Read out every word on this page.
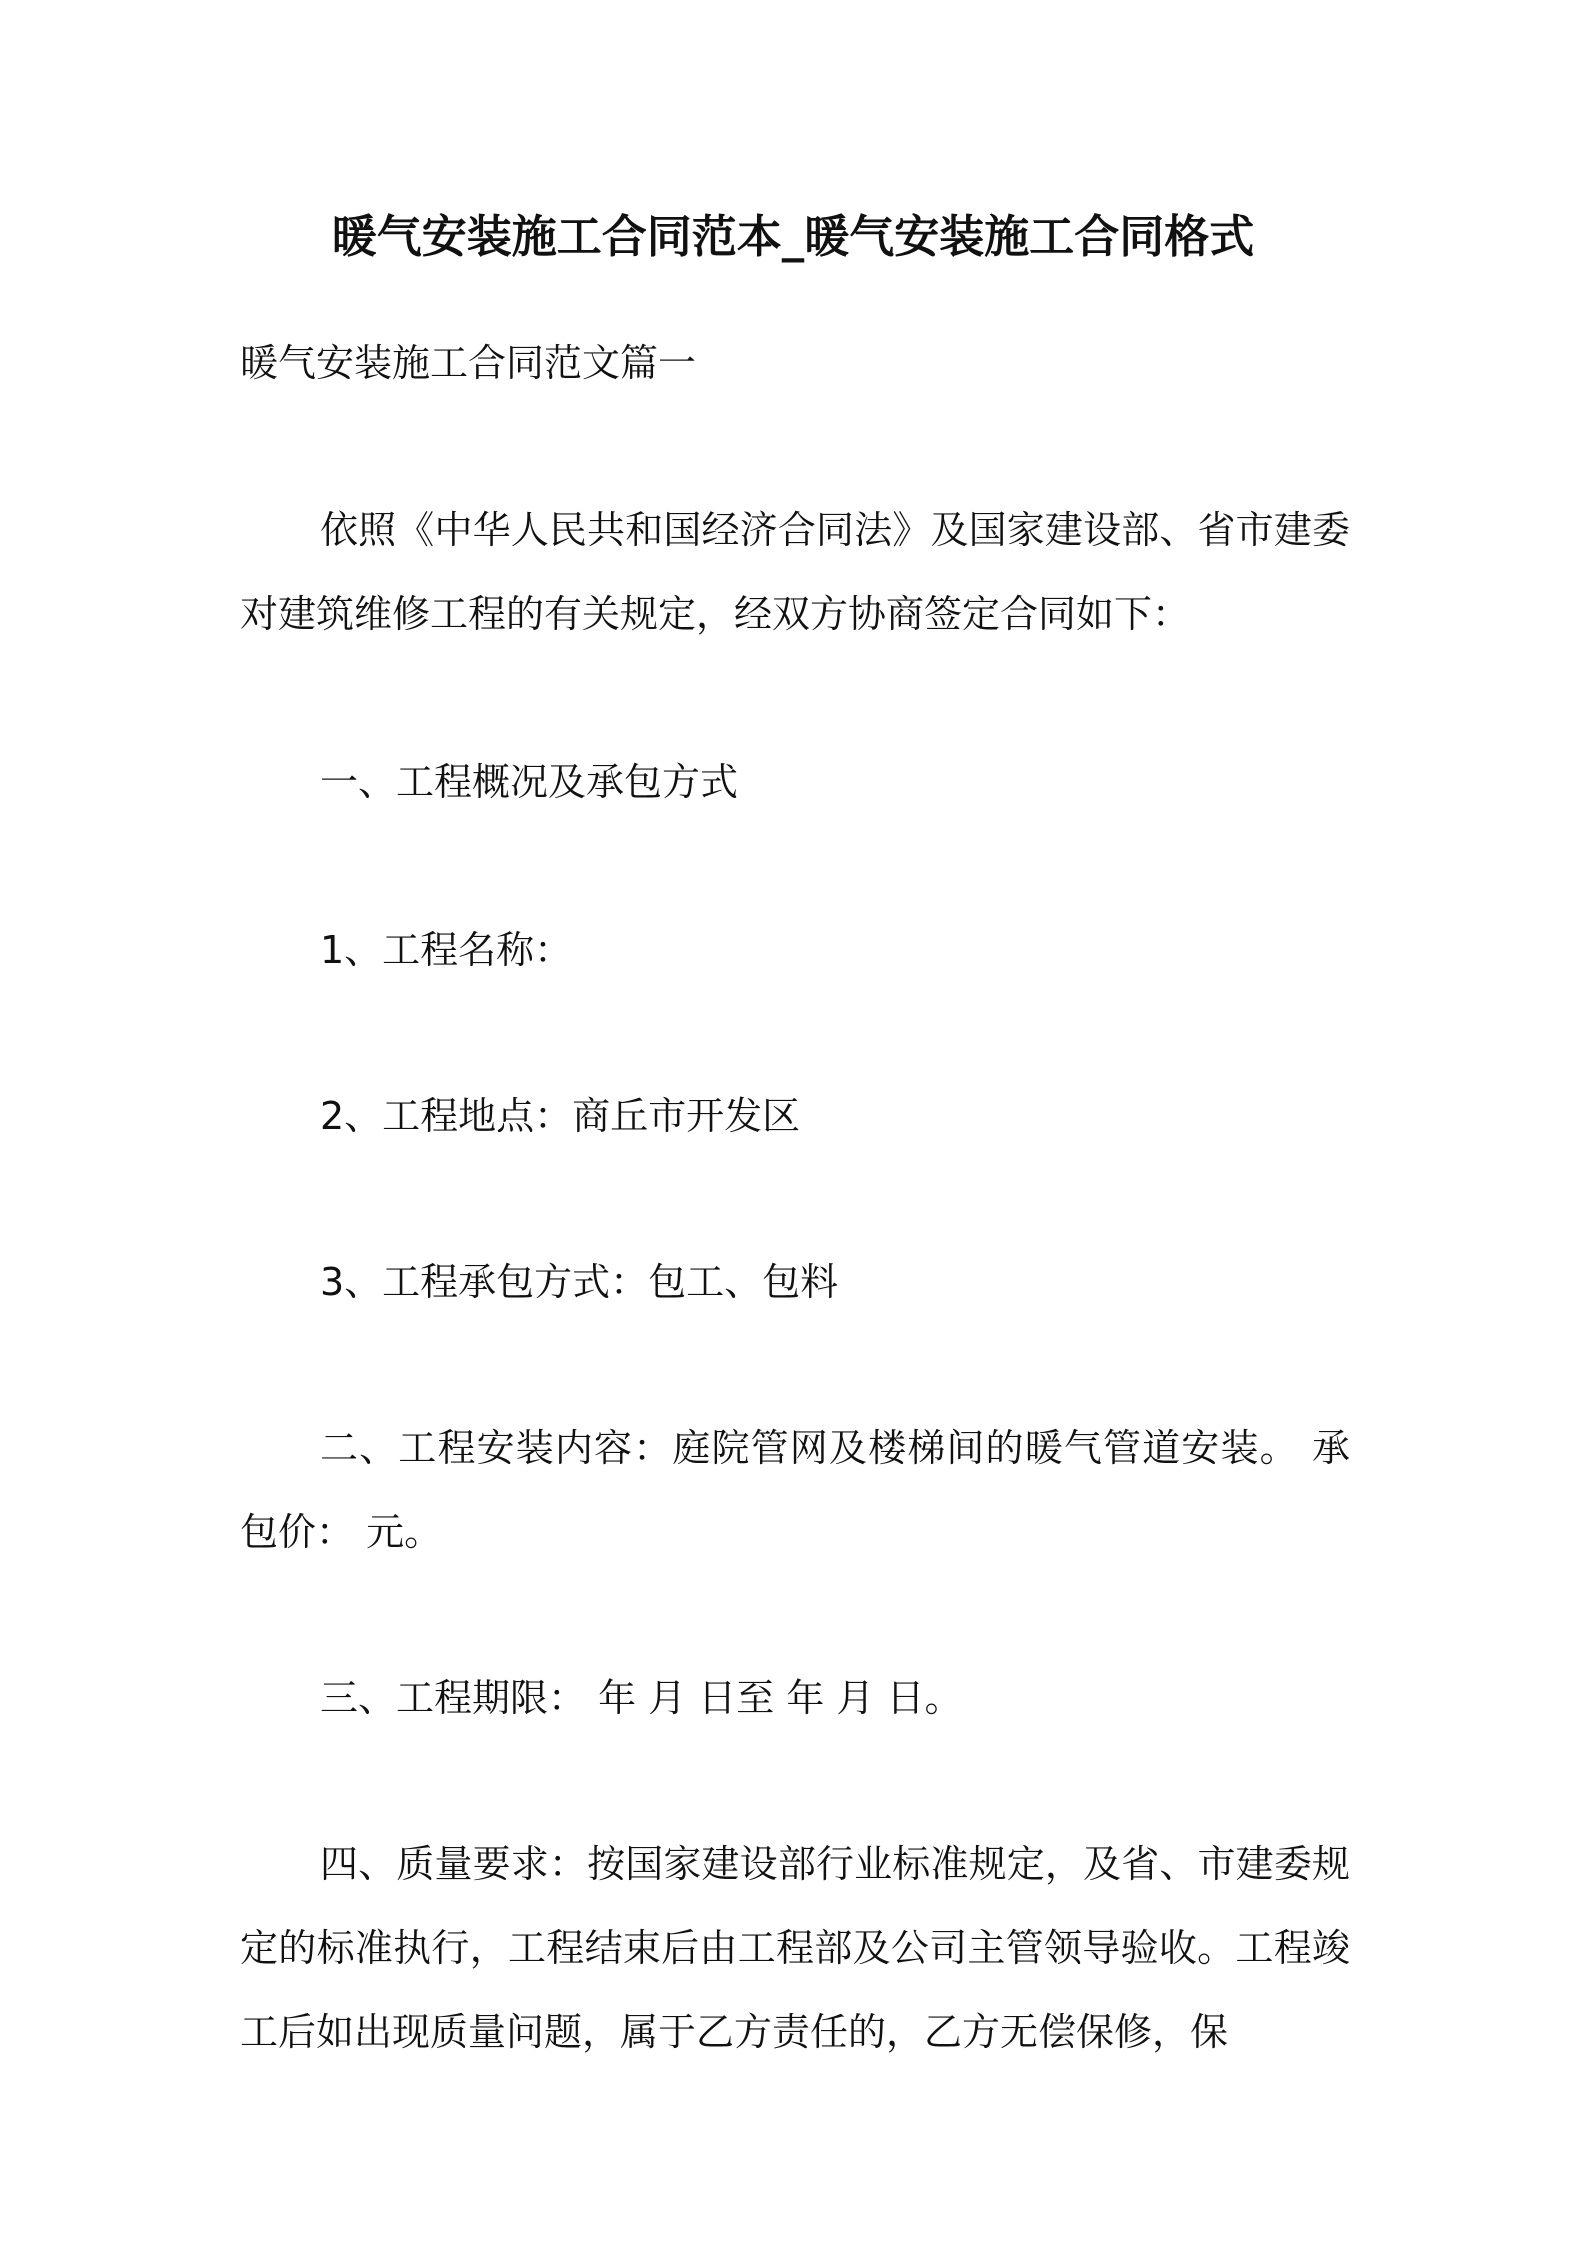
暖气安装施工合同范本_暖气安装施工合同格式

暖气安装施工合同范文篇一

依照《中华人民共和国经济合同法》及国家建设部、省市建委对建筑维修工程的有关规定，经双方协商签定合同如下：

一、工程概况及承包方式

1、工程名称：

2、工程地点：商丘市开发区

3、工程承包方式：包工、包料

二、工程安装内容：庭院管网及楼梯间的暖气管道安装。 承包价： 元。

三、工程期限： 年 月 日至 年 月 日。

四、质量要求：按国家建设部行业标准规定，及省、市建委规定的标准执行，工程结束后由工程部及公司主管领导验收。工程竣工后如出现质量问题，属于乙方责任的，乙方无偿保修，保
